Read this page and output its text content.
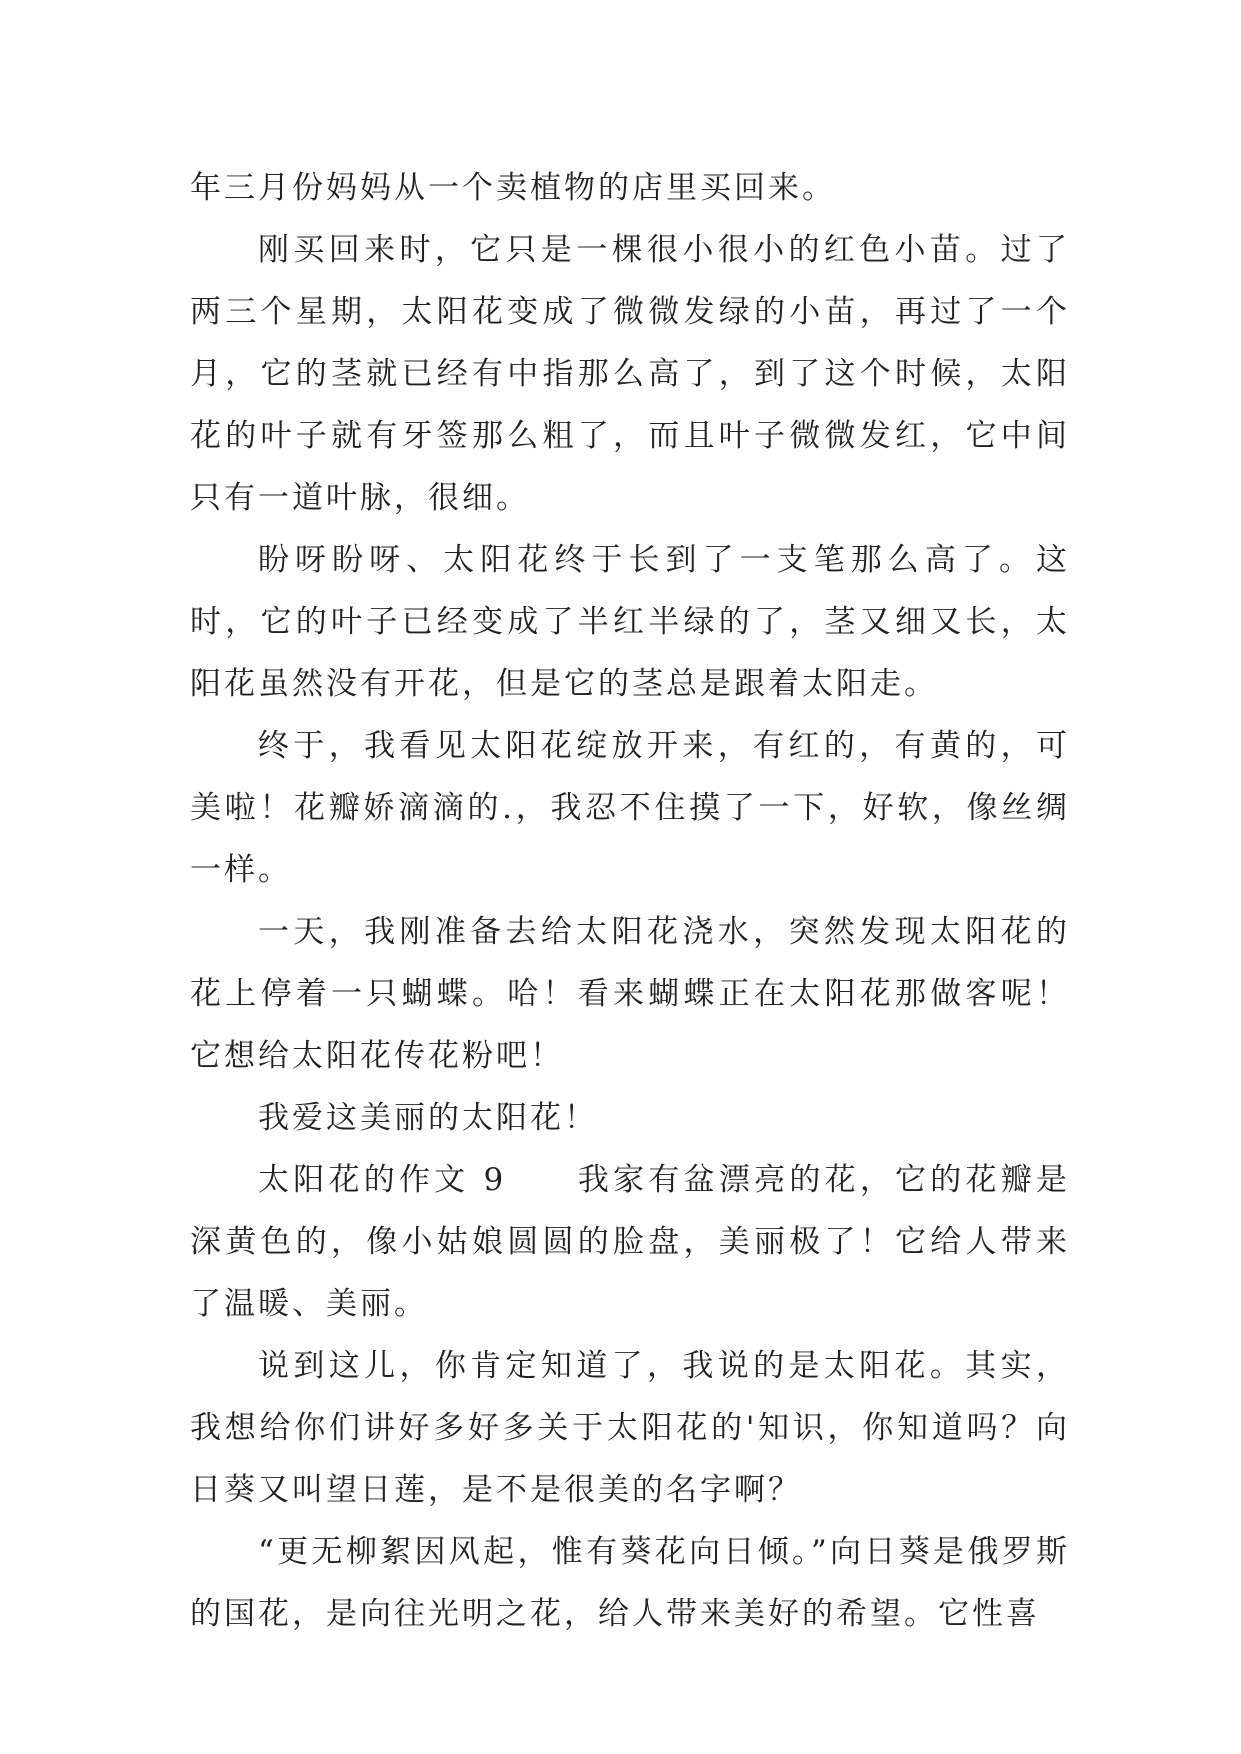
年三月份妈妈从一个卖植物的店里买回来。

刚买回来时，它只是一棵很小很小的红色小苗。过了两三个星期，太阳花变成了微微发绿的小苗，再过了一个月，它的茎就已经有中指那么高了，到了这个时候，太阳花的叶子就有牙签那么粗了，而且叶子微微发红，它中间只有一道叶脉，很细。

盼呀盼呀、太阳花终于长到了一支笔那么高了。这时，它的叶子已经变成了半红半绿的了，茎又细又长，太阳花虽然没有开花，但是它的茎总是跟着太阳走。

终于，我看见太阳花绽放开来，有红的，有黄的，可美啦！花瓣娇滴滴的.，我忍不住摸了一下，好软，像丝绸一样。

一天，我刚准备去给太阳花浇水，突然发现太阳花的花上停着一只蝴蝶。哈！看来蝴蝶正在太阳花那做客呢！它想给太阳花传花粉吧！

我爱这美丽的太阳花！

太阳花的作文 9　　我家有盆漂亮的花，它的花瓣是深黄色的，像小姑娘圆圆的脸盘，美丽极了！它给人带来了温暖、美丽。

说到这儿，你肯定知道了，我说的是太阳花。其实，我想给你们讲好多好多关于太阳花的'知识，你知道吗？向日葵又叫望日莲，是不是很美的名字啊？

“更无柳絮因风起，惟有葵花向日倾。”向日葵是俄罗斯的国花，是向往光明之花，给人带来美好的希望。它性喜
